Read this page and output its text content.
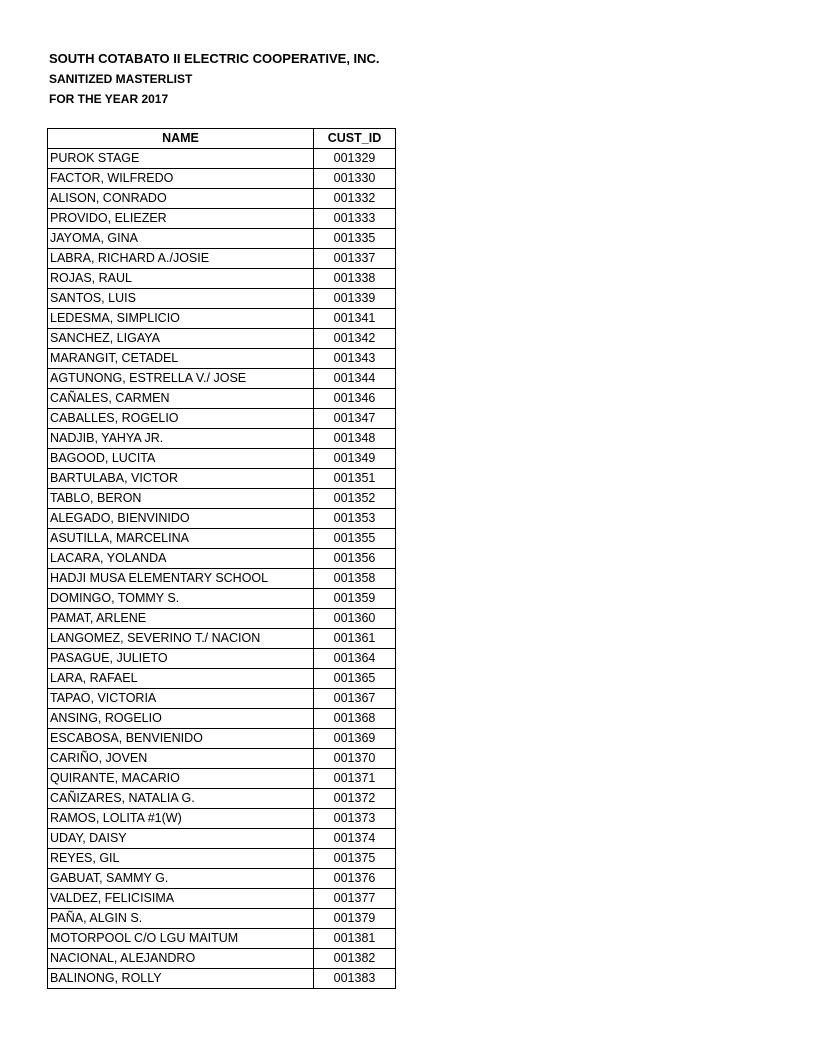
SOUTH COTABATO II ELECTRIC COOPERATIVE, INC.
SANITIZED MASTERLIST
FOR THE YEAR 2017
NAME	CUST_ID
PUROK STAGE	001329
FACTOR, WILFREDO	001330
ALISON, CONRADO	001332
PROVIDO, ELIEZER	001333
JAYOMA, GINA	001335
LABRA, RICHARD A./JOSIE	001337
ROJAS, RAUL	001338
SANTOS, LUIS	001339
LEDESMA, SIMPLICIO	001341
SANCHEZ, LIGAYA	001342
MARANGIT, CETADEL	001343
AGTUNONG, ESTRELLA V./ JOSE	001344
CAÑALES, CARMEN	001346
CABALLES, ROGELIO	001347
NADJIB, YAHYA JR.	001348
BAGOOD, LUCITA	001349
BARTULABA, VICTOR	001351
TABLO, BERON	001352
ALEGADO, BIENVINIDO	001353
ASUTILLA, MARCELINA	001355
LACARA, YOLANDA	001356
HADJI MUSA ELEMENTARY SCHOOL	001358
DOMINGO, TOMMY S.	001359
PAMAT, ARLENE	001360
LANGOMEZ, SEVERINO T./ NACION	001361
PASAGUE, JULIETO	001364
LARA, RAFAEL	001365
TAPAO, VICTORIA	001367
ANSING, ROGELIO	001368
ESCABOSA, BENVIENIDO	001369
CARIÑO, JOVEN	001370
QUIRANTE, MACARIO	001371
CAÑIZARES, NATALIA G.	001372
RAMOS, LOLITA #1(W)	001373
UDAY, DAISY	001374
REYES, GIL	001375
GABUAT, SAMMY G.	001376
VALDEZ, FELICISIMA	001377
PAÑA, ALGIN S.	001379
MOTORPOOL C/O LGU MAITUM	001381
NACIONAL, ALEJANDRO	001382
BALINONG, ROLLY	001383
